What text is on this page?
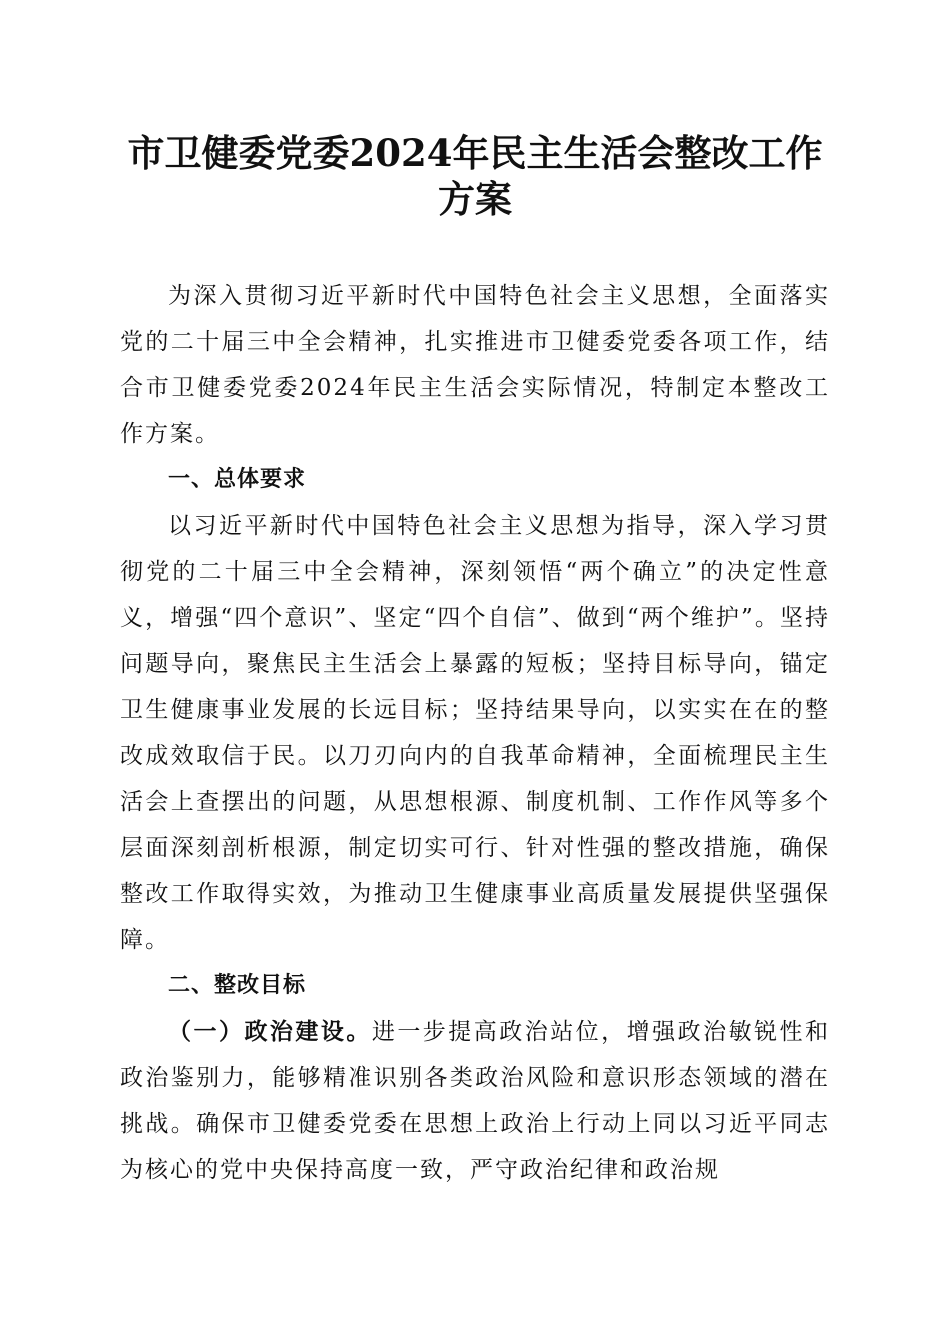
市卫健委党委2024年民主生活会整改工作方案

为深入贯彻习近平新时代中国特色社会主义思想，全面落实党的二十届三中全会精神，扎实推进市卫健委党委各项工作，结合市卫健委党委2024年民主生活会实际情况，特制定本整改工作方案。

一、总体要求

以习近平新时代中国特色社会主义思想为指导，深入学习贯彻党的二十届三中全会精神，深刻领悟“两个确立”的决定性意义，增强“四个意识”、坚定“四个自信”、做到“两个维护”。坚持问题导向，聚焦民主生活会上暴露的短板；坚持目标导向，锚定卫生健康事业发展的长远目标；坚持结果导向，以实实在在的整改成效取信于民。以刀刃向内的自我革命精神，全面梳理民主生活会上查摆出的问题，从思想根源、制度机制、工作作风等多个层面深刻剖析根源，制定切实可行、针对性强的整改措施，确保整改工作取得实效，为推动卫生健康事业高质量发展提供坚强保障。

二、整改目标

（一）政治建设。进一步提高政治站位，增强政治敏锐性和政治鉴别力，能够精准识别各类政治风险和意识形态领域的潜在挑战。确保市卫健委党委在思想上政治上行动上同以习近平同志为核心的党中央保持高度一致，严守政治纪律和政治规
